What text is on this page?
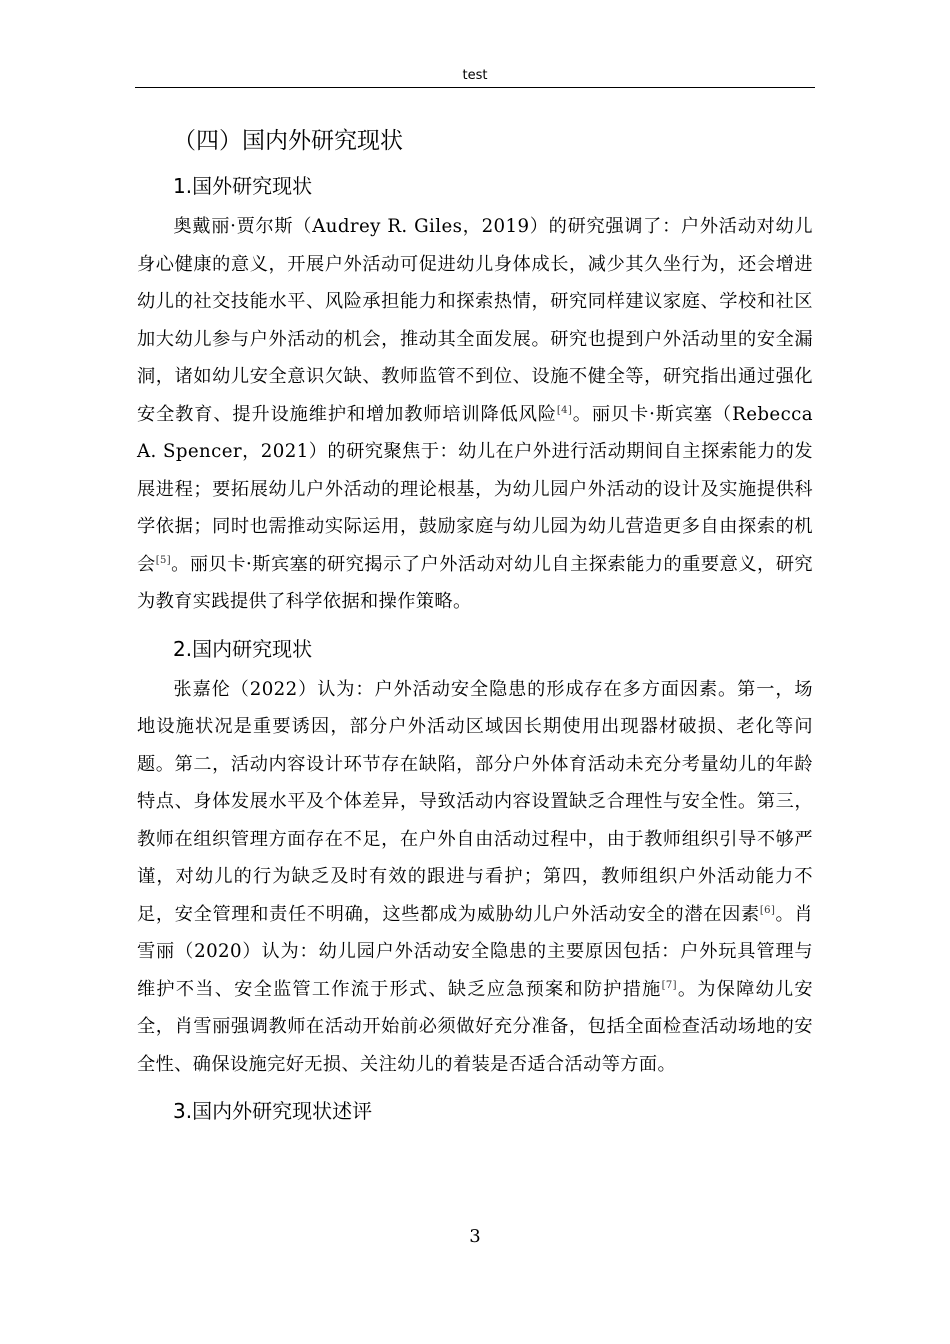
test
（四）国内外研究现状
1.国外研究现状

奥戴丽·贾尔斯（Audrey R. Giles，2019）的研究强调了：户外活动对幼儿身心健康的意义，开展户外活动可促进幼儿身体成长，减少其久坐行为，还会增进幼儿的社交技能水平、风险承担能力和探索热情，研究同样建议家庭、学校和社区加大幼儿参与户外活动的机会，推动其全面发展。研究也提到户外活动里的安全漏洞，诸如幼儿安全意识欠缺、教师监管不到位、设施不健全等，研究指出通过强化安全教育、提升设施维护和增加教师培训降低风险[4]。丽贝卡·斯宾塞（Rebecca A. Spencer，2021）的研究聚焦于：幼儿在户外进行活动期间自主探索能力的发展进程；要拓展幼儿户外活动的理论根基，为幼儿园户外活动的设计及实施提供科学依据；同时也需推动实际运用，鼓励家庭与幼儿园为幼儿营造更多自由探索的机会[5]。丽贝卡·斯宾塞的研究揭示了户外活动对幼儿自主探索能力的重要意义，研究为教育实践提供了科学依据和操作策略。

2.国内研究现状

张嘉伦（2022）认为：户外活动安全隐患的形成存在多方面因素。第一，场地设施状况是重要诱因，部分户外活动区域因长期使用出现器材破损、老化等问题。第二，活动内容设计环节存在缺陷，部分户外体育活动未充分考量幼儿的年龄特点、身体发展水平及个体差异，导致活动内容设置缺乏合理性与安全性。第三，教师在组织管理方面存在不足，在户外自由活动过程中，由于教师组织引导不够严谨，对幼儿的行为缺乏及时有效的跟进与看护；第四，教师组织户外活动能力不足，安全管理和责任不明确，这些都成为威胁幼儿户外活动安全的潜在因素[6]。肖雪丽（2020）认为：幼儿园户外活动安全隐患的主要原因包括：户外玩具管理与维护不当、安全监管工作流于形式、缺乏应急预案和防护措施[7]。为保障幼儿安全，肖雪丽强调教师在活动开始前必须做好充分准备，包括全面检查活动场地的安全性、确保设施完好无损、关注幼儿的着装是否适合活动等方面。

3.国内外研究现状述评
3
